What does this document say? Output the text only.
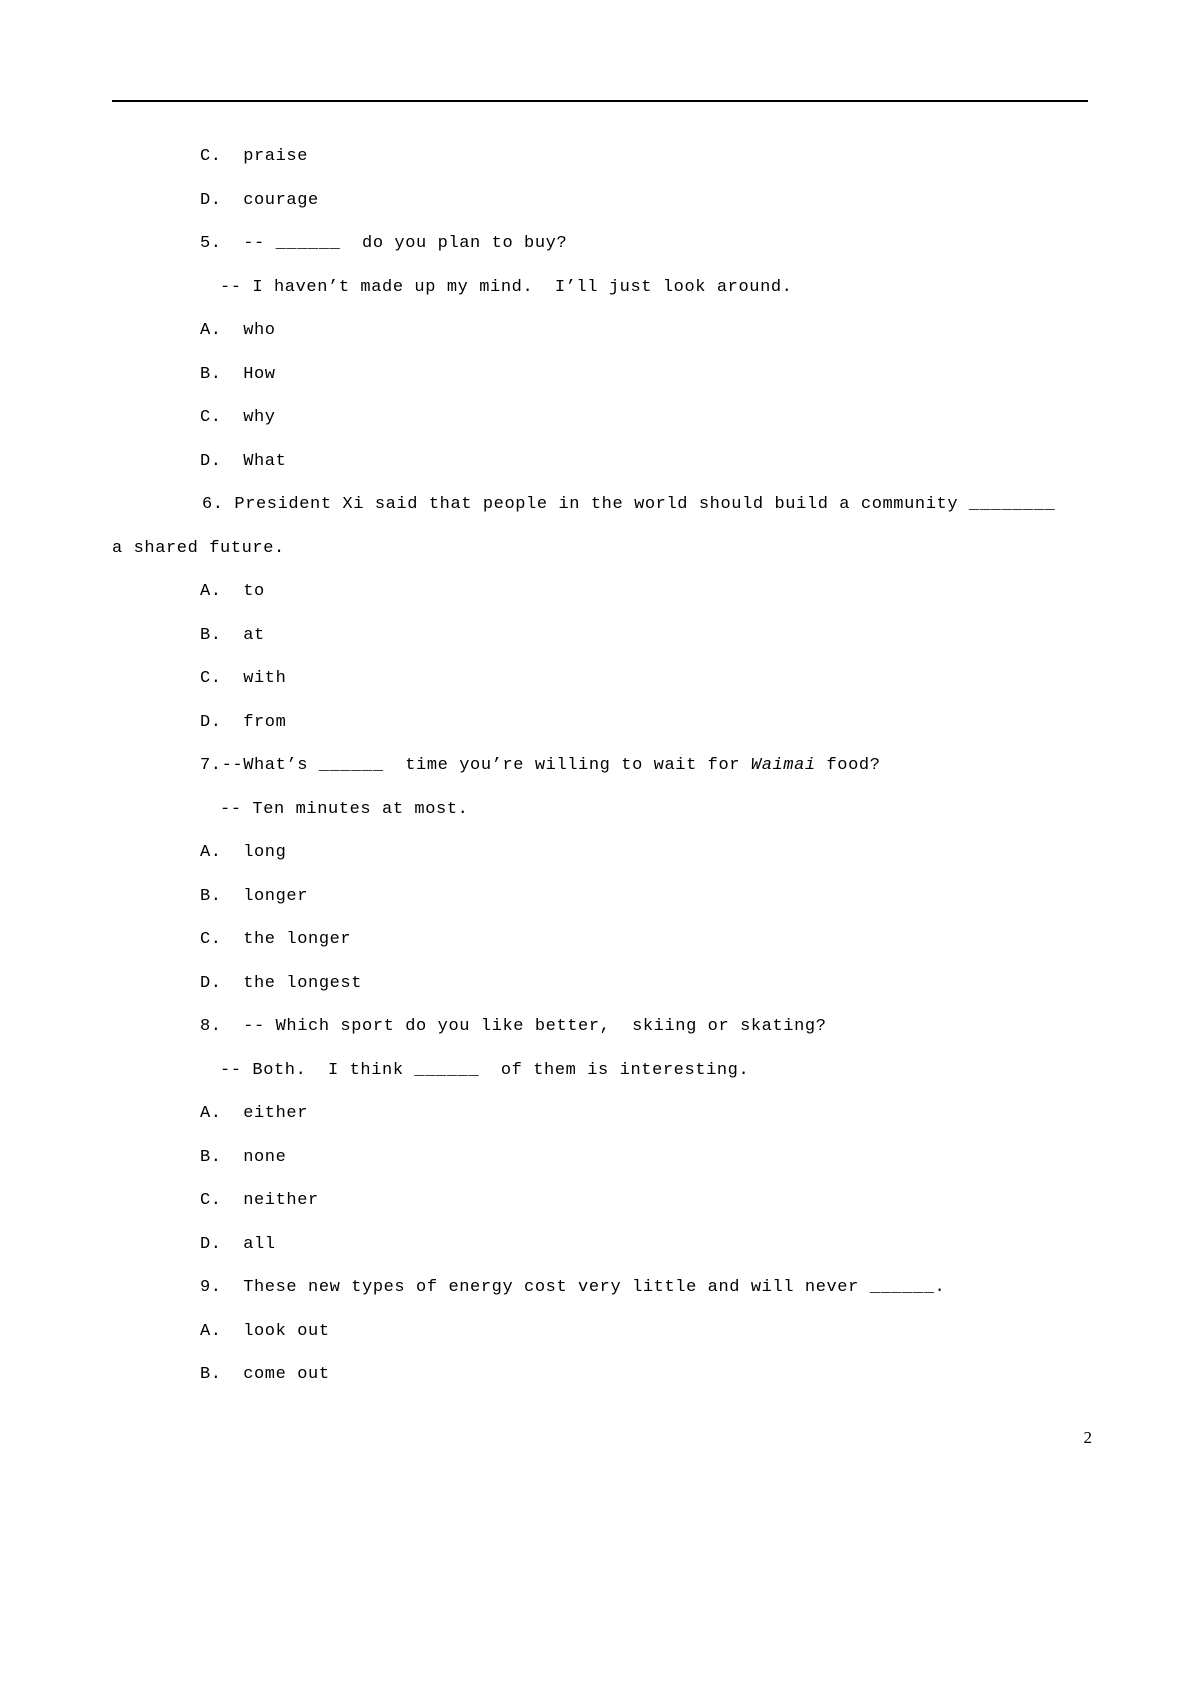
C.  praise
D.  courage
5.  -- ______  do you plan to buy?
-- I haven’t made up my mind.  I’ll just look around.
A.  who
B.  How
C.  why
D.  What
6. President Xi said that people in the world should build a community ________
a shared future.
A.  to
B.  at
C.  with
D.  from
7.--What’s ______  time you’re willing to wait for Waimai food?
-- Ten minutes at most.
A.  long
B.  longer
C.  the longer
D.  the longest
8.  -- Which sport do you like better,  skiing or skating?
-- Both.  I think ______  of them is interesting.
A.  either
B.  none
C.  neither
D.  all
9.  These new types of energy cost very little and will never ______.
A.  look out
B.  come out
2
